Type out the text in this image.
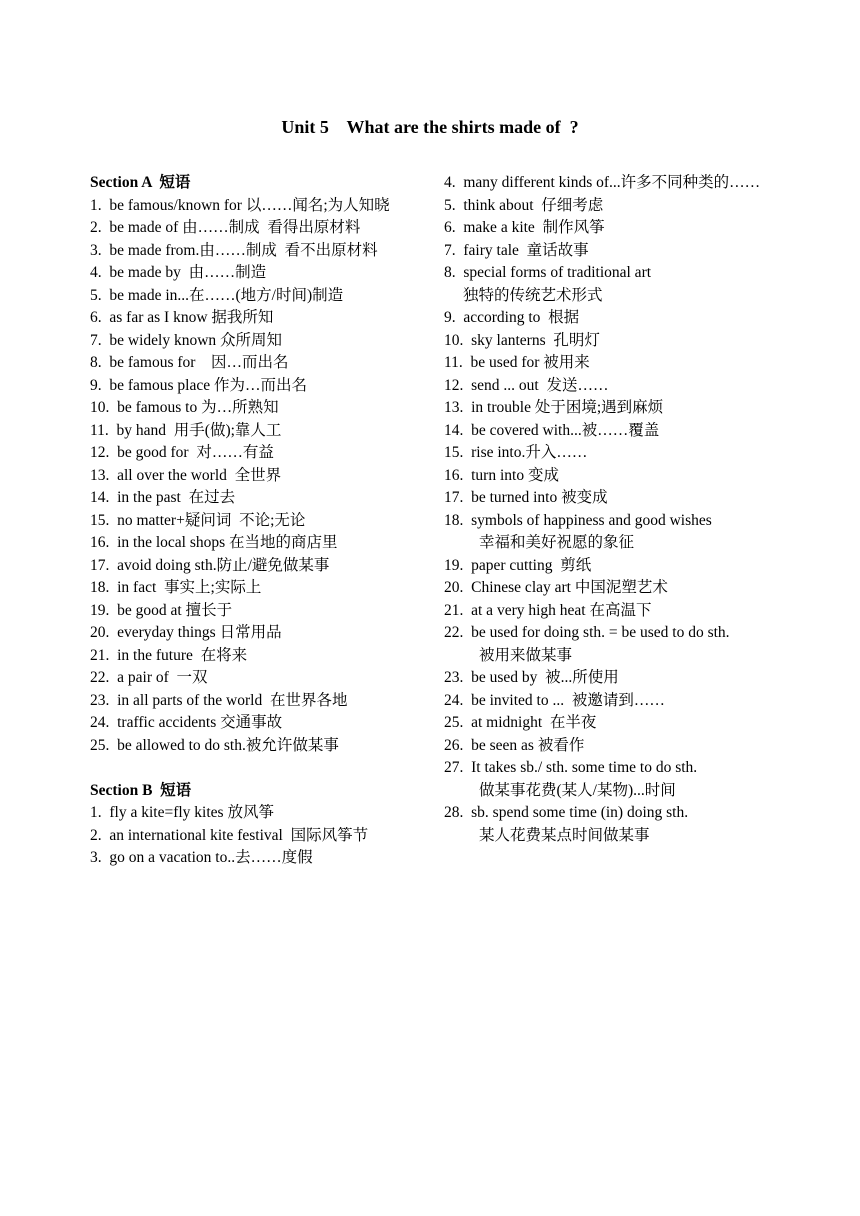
Unit 5    What are the shirts made of  ?
Section A  短语
1.  be famous/known for 以……闻名;为人知晓
2.  be made of 由……制成  看得出原材料
3.  be made from.由……制成  看不出原材料
4.  be made by  由……制造
5.  be made in...在……(地方/时间)制造
6.  as far as I know 据我所知
7.  be widely known 众所周知
8.  be famous for    因…而出名
9.  be famous place 作为…而出名
10.  be famous to 为…所熟知
11.  by hand  用手(做);靠人工
12.  be good for  对……有益
13.  all over the world  全世界
14.  in the past  在过去
15.  no matter+疑问词  不论;无论
16.  in the local shops 在当地的商店里
17.  avoid doing sth.防止/避免做某事
18.  in fact  事实上;实际上
19.  be good at 擅长于
20.  everyday things 日常用品
21.  in the future  在将来
22.  a pair of  一双
23.  in all parts of the world  在世界各地
24.  traffic accidents 交通事故
25.  be allowed to do sth.被允许做某事
Section B  短语
1.  fly a kite=fly kites 放风筝
2.  an international kite festival  国际风筝节
3.  go on a vacation to..去……度假
4.  many different kinds of...许多不同种类的……
5.  think about  仔细考虑
6.  make a kite  制作风筝
7.  fairy tale  童话故事
8.  special forms of traditional art
独特的传统艺术形式
9.  according to  根据
10.  sky lanterns  孔明灯
11.  be used for 被用来
12.  send ... out  发送……
13.  in trouble 处于困境;遇到麻烦
14.  be covered with...被……覆盖
15.  rise into.升入……
16.  turn into 变成
17.  be turned into 被变成
18.  symbols of happiness and good wishes
幸福和美好祝愿的象征
19.  paper cutting  剪纸
20.  Chinese clay art 中国泥塑艺术
21.  at a very high heat 在高温下
22.  be used for doing sth. = be used to do sth.
被用来做某事
23.  be used by  被...所使用
24.  be invited to ...  被邀请到……
25.  at midnight  在半夜
26.  be seen as 被看作
27.  It takes sb./ sth. some time to do sth.
做某事花费(某人/某物)...时间
28.  sb. spend some time (in) doing sth.
某人花费某点时间做某事
